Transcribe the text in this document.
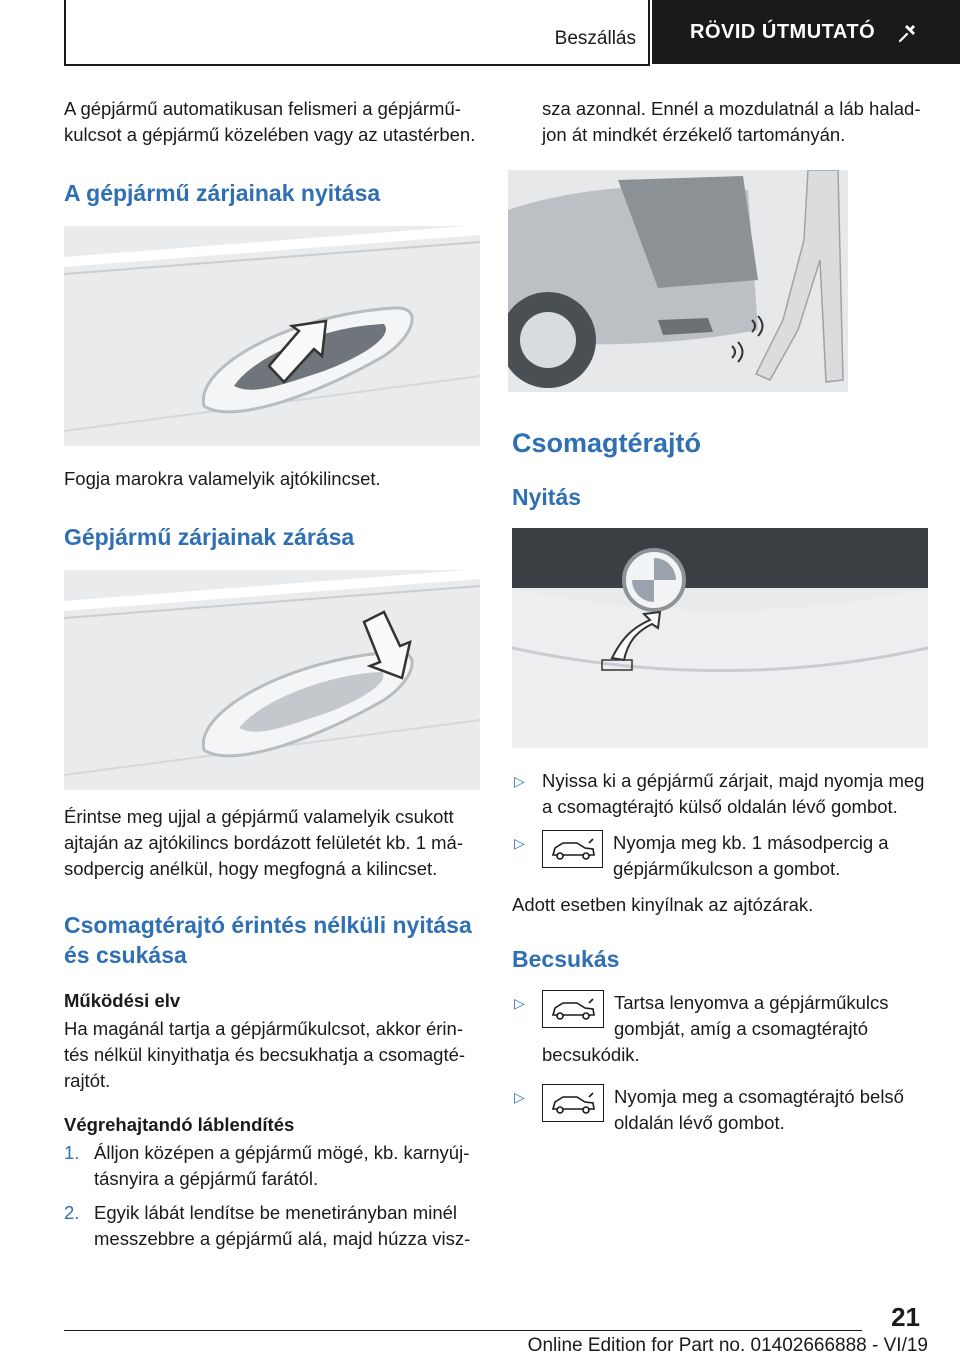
Beszállás	RÖVID ÚTMUTATÓ

A gépjármű automatikusan felismeri a gépjárműkulcsot a gépjármű közelében vagy az utastérben.

A gépjármű zárjainak nyitása

Fogja marokra valamelyik ajtókilincset.

Gépjármű zárjainak zárása

Érintse meg ujjal a gépjármű valamelyik csukott ajtaján az ajtókilincs bordázott felületét kb. 1 másodpercig anélkül, hogy megfogná a kilincset.

Csomagtérajtó érintés nélküli nyitása és csukása
Működési elv

Ha magánál tartja a gépjárműkulcsot, akkor érintés nélkül kinyithatja és becsukhatja a csomagtérajtót.

Végrehajtandó láblendítés
1. Álljon középen a gépjármű mögé, kb. karnyújtásnyira a gépjármű farától.
2. Egyik lábát lendítse be menetirányban minél messzebbre a gépjármű alá, majd húzza visz-

sza azonnal. Ennél a mozdulatnál a láb haladjon át mindkét érzékelő tartományán.

Csomagtérajtó
Nyitás
▷ Nyissa ki a gépjármű zárjait, majd nyomja meg a csomagtérajtó külső oldalán lévő gombot.
▷	Nyomja meg kb. 1 másodpercig a gépjárműkulcson a gombot.

Adott esetben kinyílnak az ajtózárak.

Becsukás
▷	Tartsa lenyomva a gépjárműkulcs gombját, amíg a csomagtérajtó becsukódik.
▷	Nyomja meg a csomagtérajtó belső oldalán lévő gombot.
21
Online Edition for Part no. 01402666888 - VI/19
